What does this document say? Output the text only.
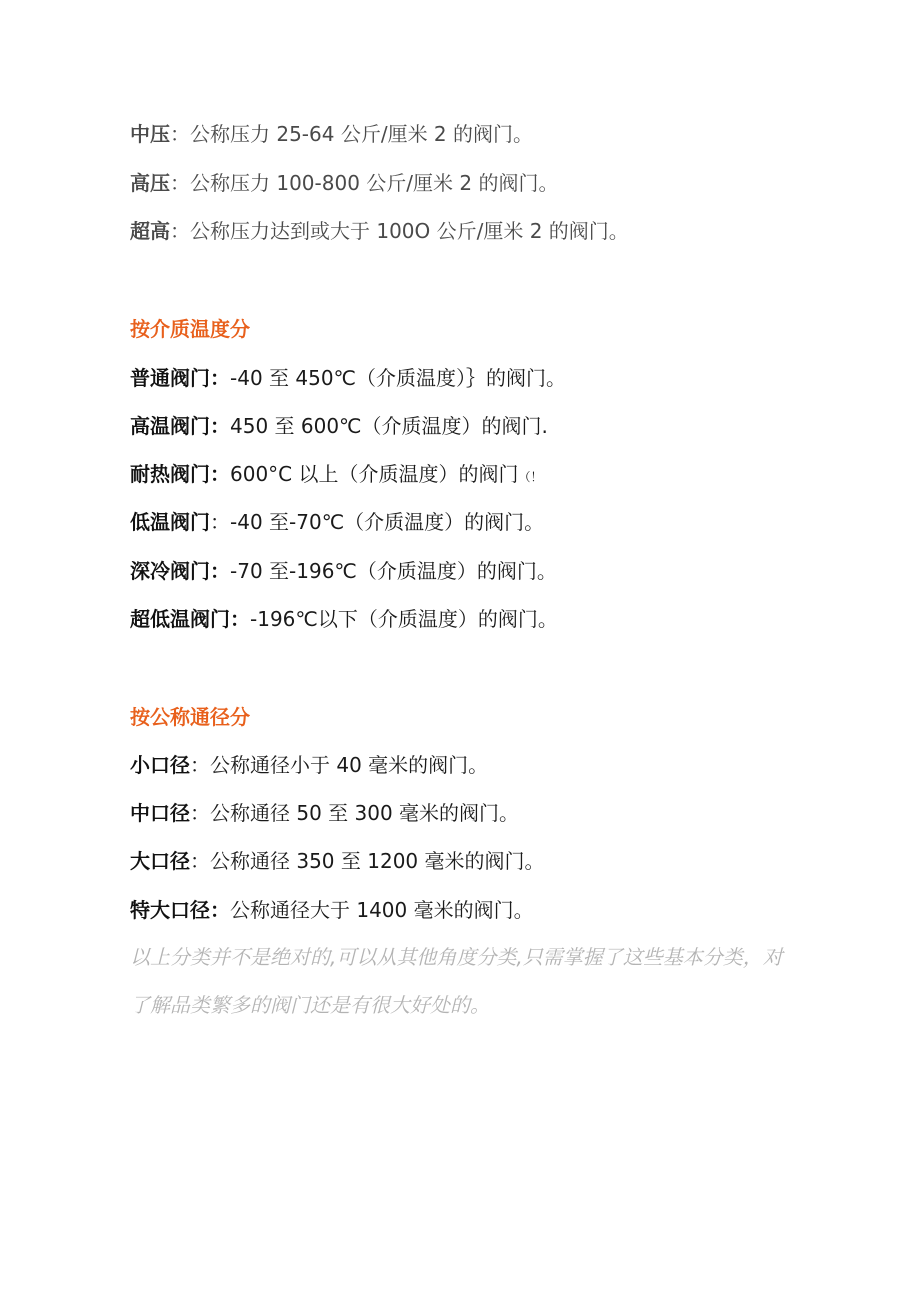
中压：公称压力 25-64 公斤/厘米 2 的阀门。
高压：公称压力 100-800 公斤/厘米 2 的阀门。
超高：公称压力达到或大于 100O 公斤/厘米 2 的阀门。
按介质温度分
普通阀门：-40 至 450℃（介质温度）｝的阀门。
高温阀门：450 至 600℃（介质温度）的阀门.
耐热阀门：600°C 以上（介质温度）的阀门（！
低温阀门：-40 至-70℃（介质温度）的阀门。
深冷阀门：-70 至-196℃（介质温度）的阀门。
超低温阀门：-196℃以下（介质温度）的阀门。
按公称通径分
小口径：公称通径小于 40 毫米的阀门。
中口径：公称通径 50 至 300 毫米的阀门。
大口径：公称通径 350 至 1200 毫米的阀门。
特大口径：公称通径大于 1400 毫米的阀门。
以上分类并不是绝对的,可以从其他角度分类,只需掌握了这些基本分类，对了解品类繁多的阀门还是有很大好处的。
